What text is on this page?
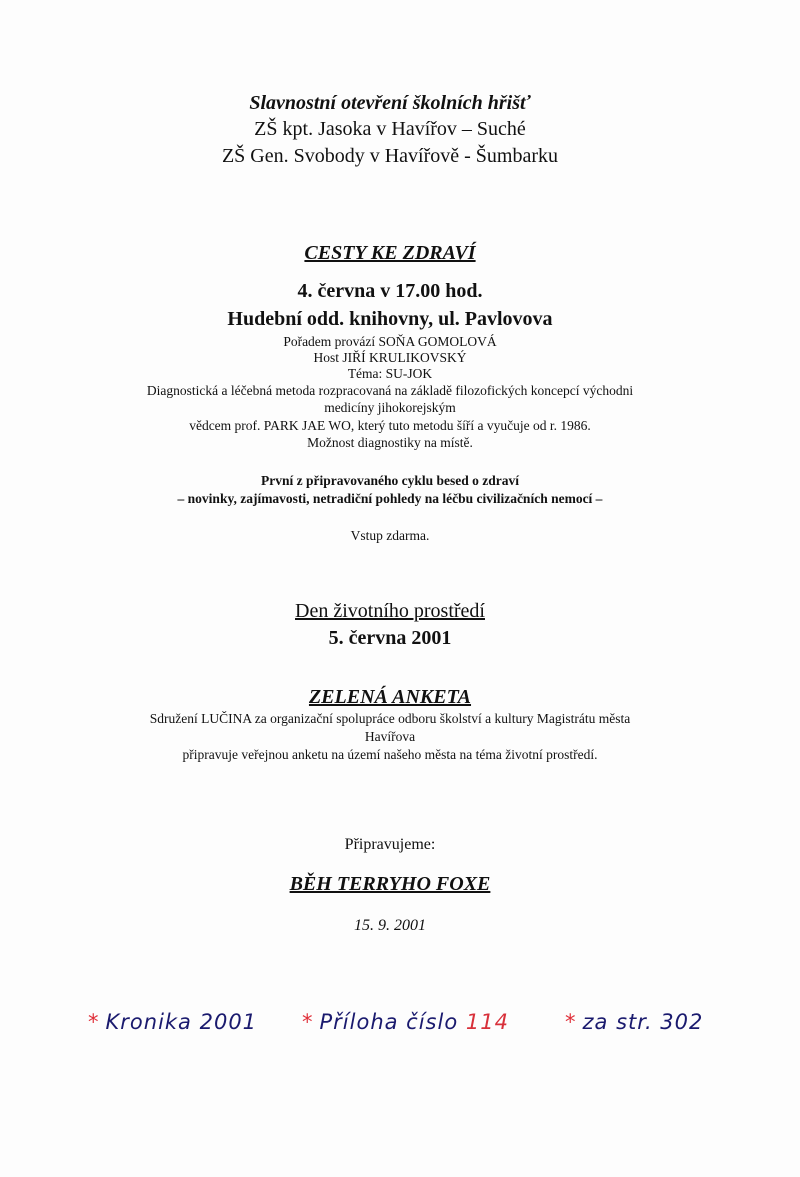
Slavnostní otevření školních hřišť
ZŠ kpt. Jasoka v Havířov – Suché
ZŠ Gen. Svobody v Havířově - Šumbarku
CESTY KE ZDRAVÍ
4. června v 17.00 hod.
Hudební odd. knihovny, ul. Pavlovova
Pořadem provází SOŇA GOMOLOVÁ
Host JIŘÍ KRULIKOVSKÝ
Téma: SU-JOK
Diagnostická a léčebná metoda rozpracovaná na základě filozofických koncepcí východni
medicíny jihokorejským
vědcem prof. PARK JAE WO, který tuto metodu šíří a vyučuje od r. 1986.
Možnost diagnostiky na místě.
První z připravovaného cyklu besed o zdraví
– novinky, zajímavosti, netradiční pohledy na léčbu civilizačních nemocí –
Vstup zdarma.
Den životního prostředí
5. června 2001
ZELENÁ ANKETA
Sdružení LUČINA za organizační spolupráce odboru školství a kultury Magistrátu města
Havířova
připravuje veřejnou anketu na území našeho města na téma životní prostředí.
Připravujeme:
BĚH TERRYHO FOXE
15. 9. 2001
* Kronika 2001 * Příloha číslo 114	* za str. 302
